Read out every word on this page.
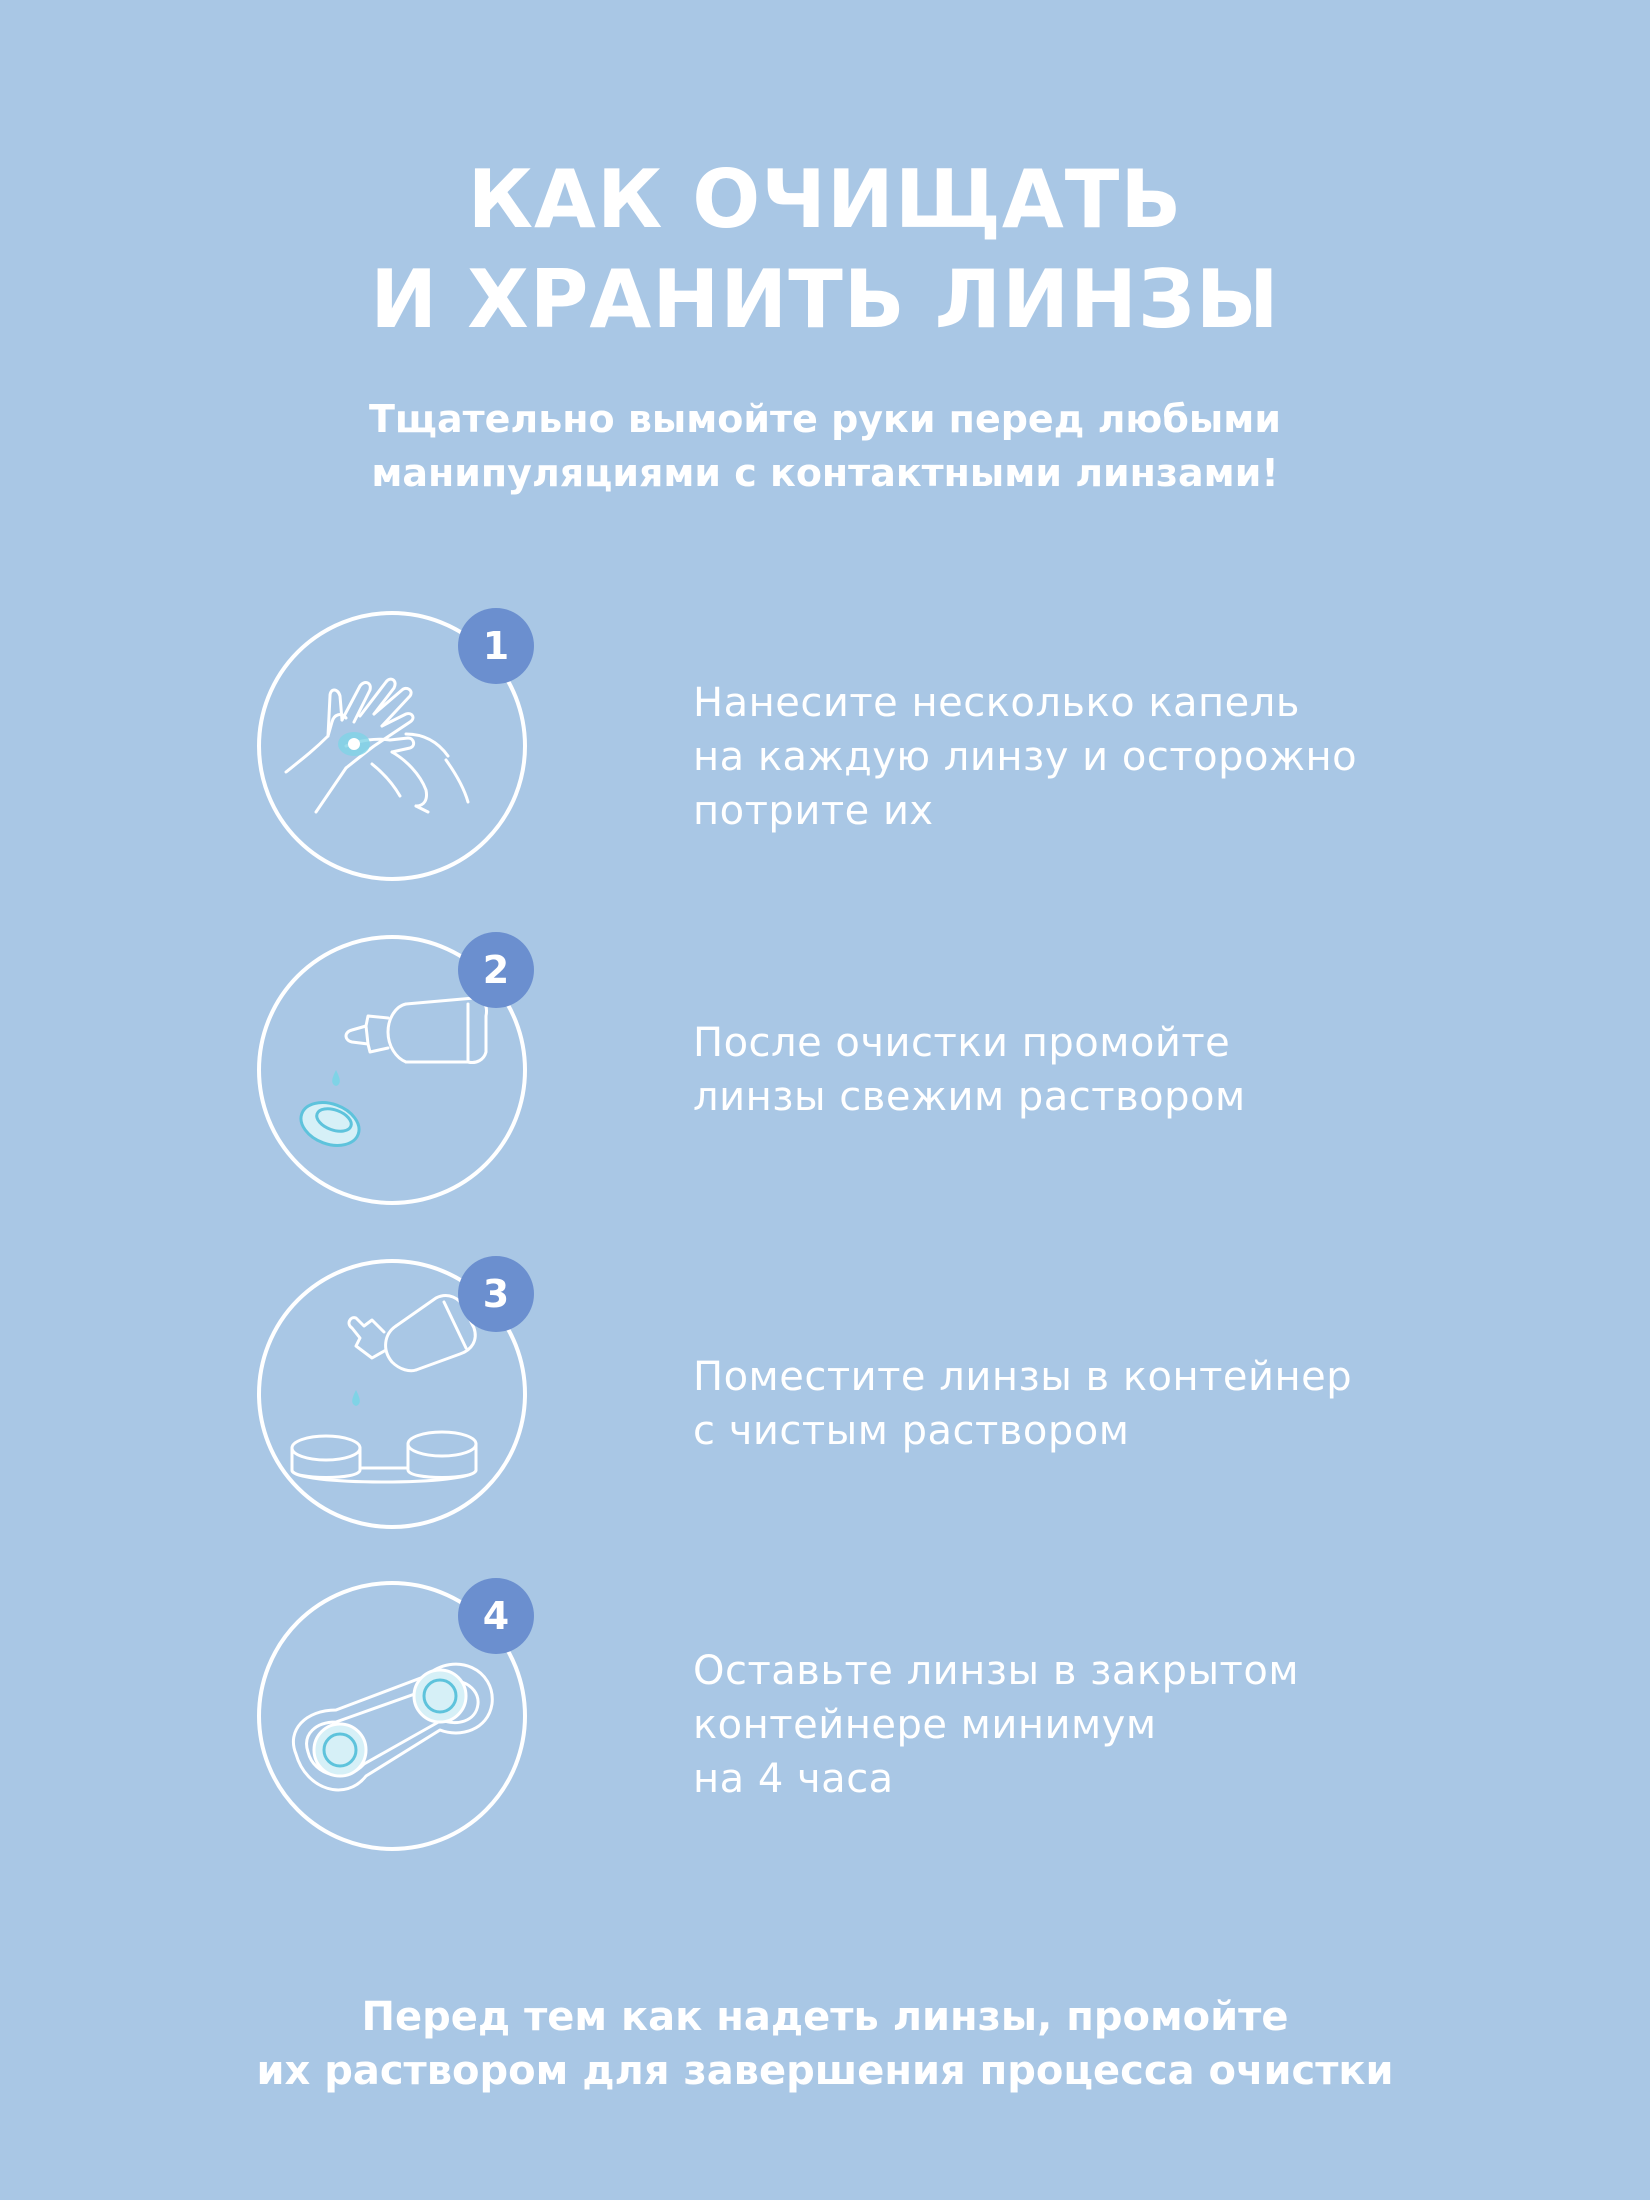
КАК ОЧИЩАТЬ
И ХРАНИТЬ ЛИНЗЫ
Тщательно вымойте руки перед любыми
манипуляциями с контактными линзами!
1
Нанесите несколько капель
на каждую линзу и осторожно
потрите их
2
После очистки промойте
линзы свежим раствором
3
Поместите линзы в контейнер
с чистым раствором
4
Оставьте линзы в закрытом
контейнере минимум
на 4 часа
Перед тем как надеть линзы, промойте
их раствором для завершения процесса очистки
